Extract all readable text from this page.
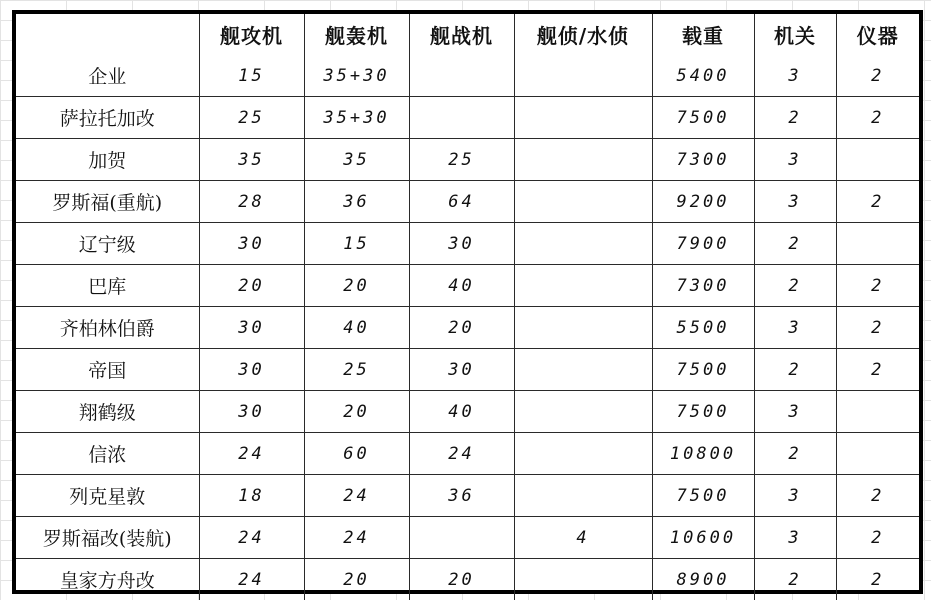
	舰攻机	舰轰机	舰战机	舰侦/水侦	载重	机关	仪器
企业	15	35+30			5400	3	2
萨拉托加改	25	35+30			7500	2	2
加贺	35	35	25		7300	3	
罗斯福(重航)	28	36	64		9200	3	2
辽宁级	30	15	30		7900	2	
巴库	20	20	40		7300	2	2
齐柏林伯爵	30	40	20		5500	3	2
帝国	30	25	30		7500	2	2
翔鹤级	30	20	40		7500	3	
信浓	24	60	24		10800	2	
列克星敦	18	24	36		7500	3	2
罗斯福改(装航)	24	24		4	10600	3	2
皇家方舟改	24	20	20		8900	2	2
